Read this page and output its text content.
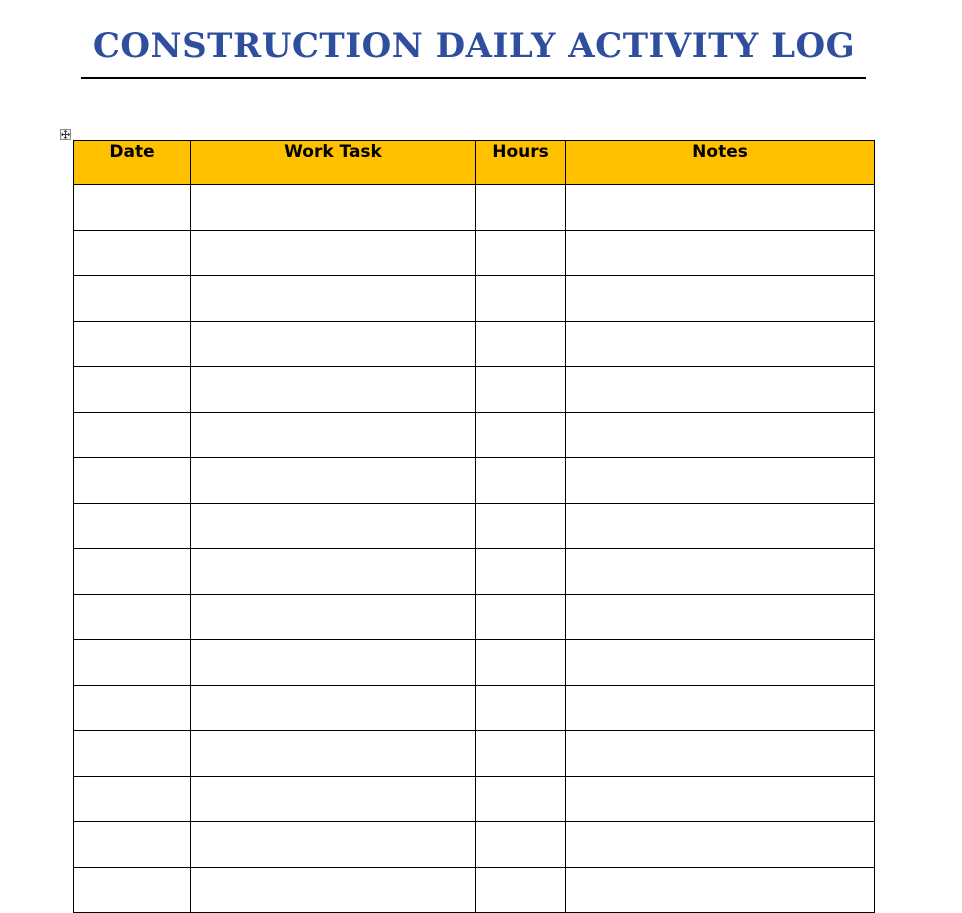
CONSTRUCTION DAILY ACTIVITY LOG
Date	Work Task	Hours	Notes
